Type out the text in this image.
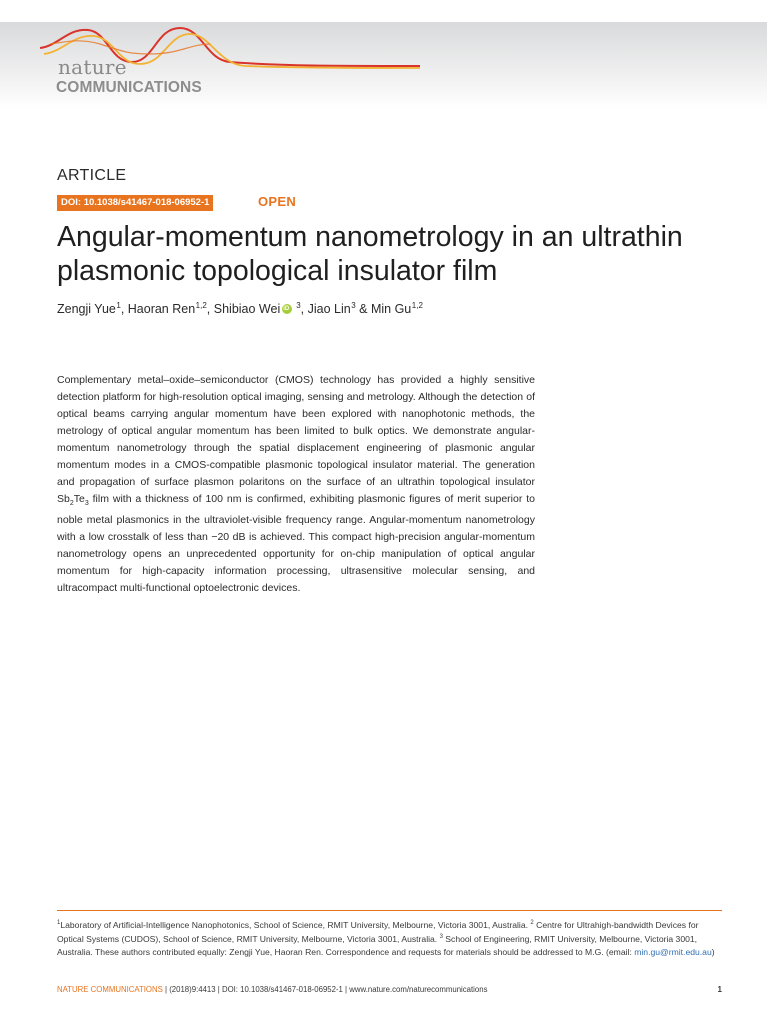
nature
COMMUNICATIONS
ARTICLE
DOI: 10.1038/s41467-018-06952-1	OPEN
Angular-momentum nanometrology in an ultrathin plasmonic topological insulator film
Zengji Yue$^1$, Haoran Ren$^{1,2}$, Shibiao WeiiD $^3$, Jiao Lin$^3$ & Min Gu$^{1,2}$
Complementary metal–oxide–semiconductor (CMOS) technology has provided a highly sensitive detection platform for high-resolution optical imaging, sensing and metrology. Although the detection of optical beams carrying angular momentum have been explored with nanophotonic methods, the metrology of optical angular momentum has been limited to bulk optics. We demonstrate angular-momentum nanometrology through the spatial displacement engineering of plasmonic angular momentum modes in a CMOS-compatible plasmonic topological insulator material. The generation and propagation of surface plasmon polaritons on the surface of an ultrathin topological insulator $Sb_2Te_3$ film with a thickness of 100 nm is confirmed, exhibiting plasmonic figures of merit superior to noble metal plasmonics in the ultraviolet-visible frequency range. Angular-momentum nanometrology with a low crosstalk of less than −20 dB is achieved. This compact high-precision angular-momentum nanometrology opens an unprecedented opportunity for on-chip manipulation of optical angular momentum for high-capacity information processing, ultrasensitive molecular sensing, and ultracompact multi-functional optoelectronic devices.
$^1$Laboratory of Artificial-Intelligence Nanophotonics, School of Science, RMIT University, Melbourne, Victoria 3001, Australia. $^2$ Centre for Ultrahigh-bandwidth Devices for Optical Systems (CUDOS), School of Science, RMIT University, Melbourne, Victoria 3001, Australia. $^3$ School of Engineering, RMIT University, Melbourne, Victoria 3001, Australia. These authors contributed equally: Zengji Yue, Haoran Ren. Correspondence and requests for materials should be addressed to M.G. (email: min.gu@rmit.edu.au)
NATURE COMMUNICATIONS | (2018)9:4413 | DOI: 10.1038/s41467-018-06952-1 | www.nature.com/naturecommunications	1
